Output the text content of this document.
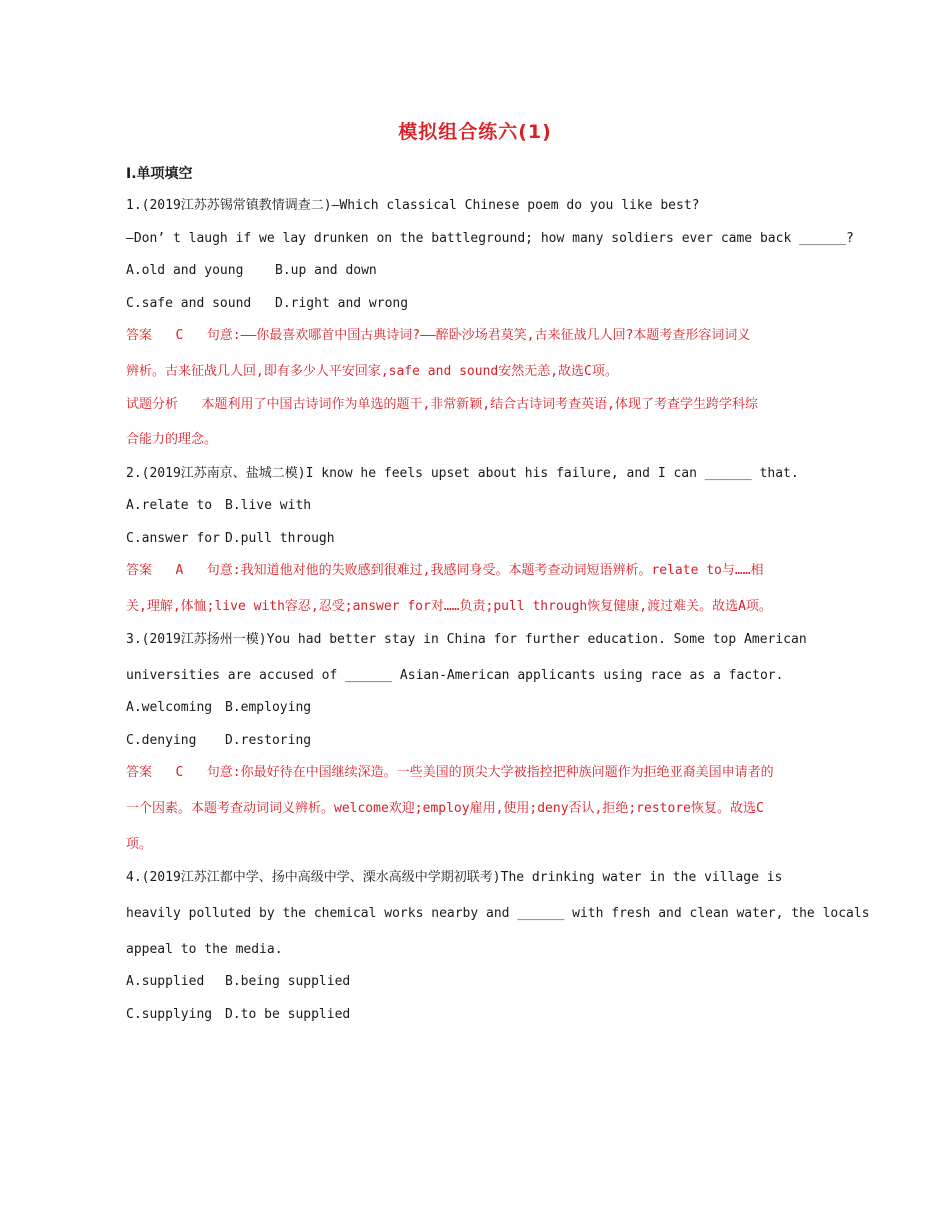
模拟组合练六(1)
Ⅰ.单项填空
1.(2019江苏苏锡常镇教情调查二)—Which classical Chinese poem do you like best?
—Don’ t laugh if we lay drunken on the battleground; how many soldiers ever came back ______?
A.old and young B.up and down
C.safe and sound D.right and wrong
答案   C   句意:——你最喜欢哪首中国古典诗词?——醉卧沙场君莫笑,古来征战几人回?本题考查形容词词义
辨析。古来征战几人回,即有多少人平安回家,safe and sound安然无恙,故选C项。
试题分析   本题利用了中国古诗词作为单选的题干,非常新颖,结合古诗词考查英语,体现了考查学生跨学科综
合能力的理念。
2.(2019江苏南京、盐城二模)I know he feels upset about his failure, and I can ______ that.
A.relate to B.live with
C.answer for D.pull through
答案   A   句意:我知道他对他的失败感到很难过,我感同身受。本题考查动词短语辨析。relate to与……相
关,理解,体恤;live with容忍,忍受;answer for对……负责;pull through恢复健康,渡过难关。故选A项。
3.(2019江苏扬州一模)You had better stay in China for further education. Some top American
universities are accused of ______ Asian-American applicants using race as a factor.
A.welcoming B.employing
C.denying D.restoring
答案   C   句意:你最好待在中国继续深造。一些美国的顶尖大学被指控把种族问题作为拒绝亚裔美国申请者的
一个因素。本题考查动词词义辨析。welcome欢迎;employ雇用,使用;deny否认,拒绝;restore恢复。故选C
项。
4.(2019江苏江都中学、扬中高级中学、溧水高级中学期初联考)The drinking water in the village is
heavily polluted by the chemical works nearby and ______ with fresh and clean water, the locals
appeal to the media.
A.supplied B.being supplied
C.supplying D.to be supplied
